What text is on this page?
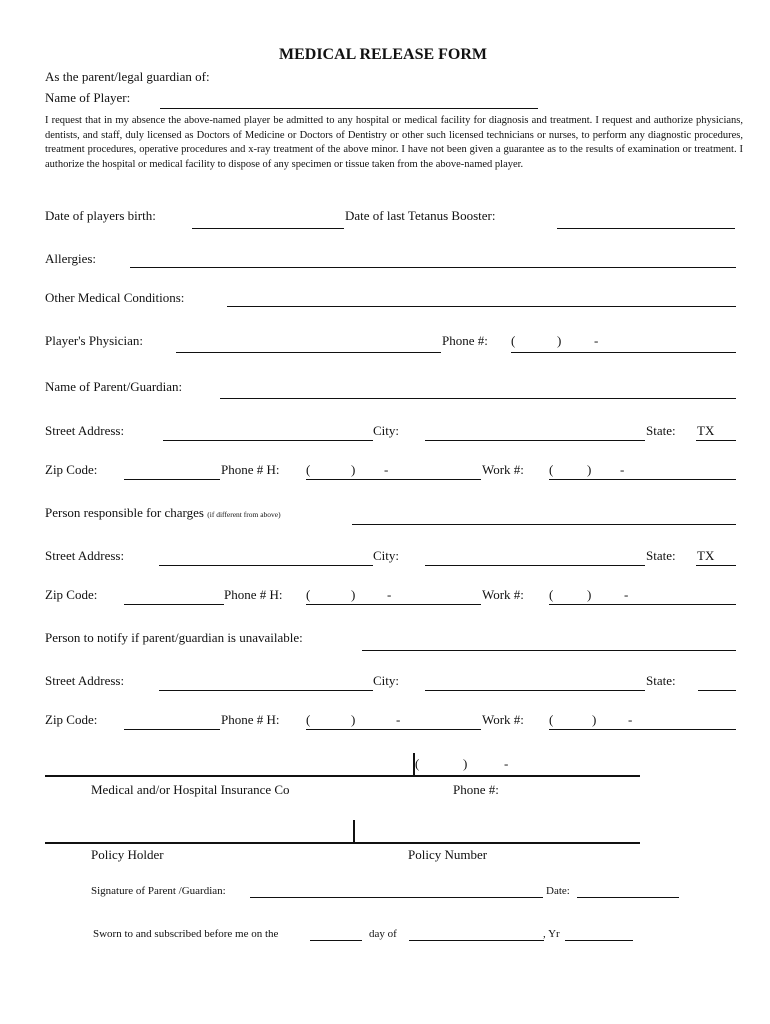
MEDICAL RELEASE FORM
As the parent/legal guardian of:
Name of Player:
I request that in my absence the above-named player be admitted to any hospital or medical facility for diagnosis and treatment. I request and authorize physicians, dentists, and staff, duly licensed as Doctors of Medicine or Doctors of Dentistry or other such licensed technicians or nurses, to perform any diagnostic procedures, treatment procedures, operative procedures and x-ray treatment of the above minor. I have not been given a guarantee as to the results of examination or treatment. I authorize the hospital or medical facility to dispose of any specimen or tissue taken from the above-named player.
Date of players birth:	Date of last Tetanus Booster:
Allergies:
Other Medical Conditions:
Player's Physician:	Phone #: (	)	-
Name of Parent/Guardian:
Street Address:	City:	State: TX
Zip Code:	Phone # H: (	) -	Work #: (	) -
Person responsible for charges (if different from above)
Street Address:	City:	State: TX
Zip Code:	Phone # H: (	) -	Work #: (	)	-
Person to notify if parent/guardian is unavailable:
Street Address:	City:	State:
Zip Code:	Phone # H: (	)	-	Work #: (	) -
(	)	-
Medical and/or Hospital Insurance Co	Phone #:
Policy Holder	Policy Number
Signature of Parent /Guardian:	Date:
Sworn to and subscribed before me on the	day of	, Yr
